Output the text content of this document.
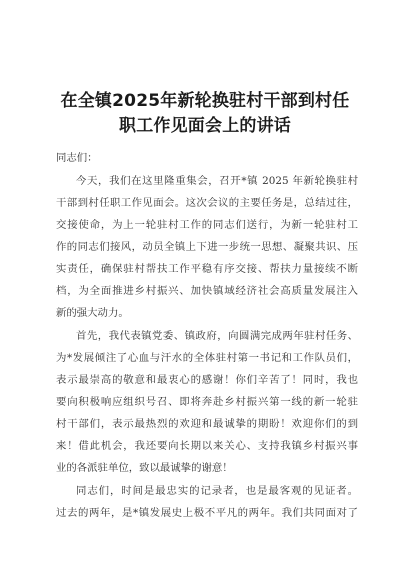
在全镇2025年新轮换驻村干部到村任
职工作见面会上的讲话
同志们：
今天，我们在这里隆重集会，召开*镇 2025 年新轮换驻村
干部到村任职工作见面会。这次会议的主要任务是，总结过往，
交接使命，为上一轮驻村工作的同志们送行，为新一轮驻村工
作的同志们接风，动员全镇上下进一步统一思想、凝聚共识、压
实责任，确保驻村帮扶工作平稳有序交接、帮扶力量接续不断
档，为全面推进乡村振兴、加快镇域经济社会高质量发展注入
新的强大动力。
首先，我代表镇党委、镇政府，向圆满完成两年驻村任务、
为*发展倾注了心血与汗水的全体驻村第一书记和工作队员们，
表示最崇高的敬意和最衷心的感谢！你们辛苦了！同时，我也
要向积极响应组织号召、即将奔赴乡村振兴第一线的新一轮驻
村干部们，表示最热烈的欢迎和最诚挚的期盼！欢迎你们的到
来！借此机会，我还要向长期以来关心、支持我镇乡村振兴事
业的各派驻单位，致以最诚挚的谢意！
同志们，时间是最忠实的记录者，也是最客观的见证者。
过去的两年，是*镇发展史上极不平凡的两年。我们共同面对了
